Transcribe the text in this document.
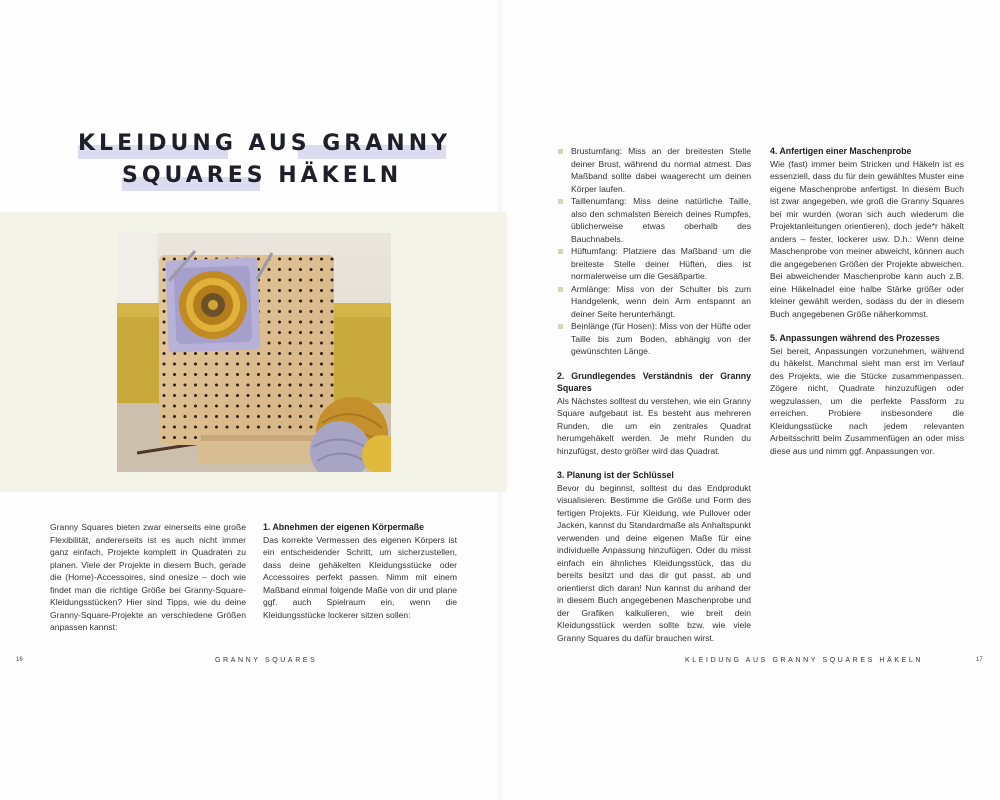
KLEIDUNG AUS GRANNY
SQUARES HÄKELN
Granny Squares bieten zwar einerseits eine große Flexibilität, andererseits ist es auch nicht immer ganz einfach, Projekte komplett in Quadraten zu planen. Viele der Projekte in diesem Buch, gerade die (Home)-Accessoires, sind onesize – doch wie findet man die richtige Größe bei Granny-Square-Kleidungsstücken? Hier sind Tipps, wie du deine Granny-Square-Projekte an verschiedene Größen anpassen kannst:

1. Abnehmen der eigenen Körpermaße

Das korrekte Vermessen des eigenen Körpers ist ein entscheidender Schritt, um sicherzustellen, dass deine gehäkelten Kleidungsstücke oder Accessoires perfekt passen. Nimm mit einem Maßband einmal folgende Maße von dir und plane ggf. auch Spielraum ein, wenn die Kleidungsstücke lockerer sitzen sollen:

16	GRANNY SQUARES
Brustumfang: Miss an der breitesten Stelle deiner Brust, während du normal atmest. Das Maßband sollte dabei waagerecht um deinen Körper laufen.
Taillenumfang: Miss deine natürliche Taille, also den schmalsten Bereich deines Rumpfes, üblicherweise etwas oberhalb des Bauchnabels.
Hüftumfang: Platziere das Maßband um die breiteste Stelle deiner Hüften, dies ist normalerweise um die Gesäßpartie.
Armlänge: Miss von der Schulter bis zum Handgelenk, wenn dein Arm entspannt an deiner Seite herunterhängt.
Beinlänge (für Hosen): Miss von der Hüfte oder Taille bis zum Boden, abhängig von der gewünschten Länge.

2. Grundlegendes Verständnis der Granny Squares

Als Nächstes solltest du verstehen, wie ein Granny Square aufgebaut ist. Es besteht aus mehreren Runden, die um ein zentrales Quadrat herumgehäkelt werden. Je mehr Runden du hinzufügst, desto größer wird das Quadrat.

3. Planung ist der Schlüssel

Bevor du beginnst, solltest du das Endprodukt visualisieren. Bestimme die Größe und Form des fertigen Projekts. Für Kleidung, wie Pullover oder Jacken, kannst du Standardmaße als Anhaltspunkt verwenden und deine eigenen Maße für eine individuelle Anpassung hinzufügen. Oder du misst einfach ein ähnliches Kleidungsstück, das du bereits besitzt und das dir gut passt, ab und orientierst dich daran! Nun kannst du anhand der in diesem Buch angegebenen Maschenprobe und der Grafiken kalkulieren, wie breit dein Kleidungsstück werden sollte bzw. wie viele Granny Squares du dafür brauchen wirst.

4. Anfertigen einer Maschenprobe

Wie (fast) immer beim Stricken und Häkeln ist es essenziell, dass du für dein gewähltes Muster eine eigene Maschenprobe anfertigst. In diesem Buch ist zwar angegeben, wie groß die Granny Squares bei mir wurden (woran sich auch wiederum die Projektanleitungen orientieren), doch jede*r häkelt anders – fester, lockerer usw. D.h.: Wenn deine Maschenprobe von meiner abweicht, können auch die angegebenen Größen der Projekte abweichen. Bei abweichender Maschenprobe kann auch z.B. eine Häkelnadel eine halbe Stärke größer oder kleiner gewählt werden, sodass du der in diesem Buch angegebenen Größe näherkommst.

5. Anpassungen während des Prozesses

Sei bereit, Anpassungen vorzunehmen, während du häkelst. Manchmal sieht man erst im Verlauf des Projekts, wie die Stücke zusammenpassen. Zögere nicht, Quadrate hinzuzufügen oder wegzulassen, um die perfekte Passform zu erreichen. Probiere insbesondere die Kleidungsstücke nach jedem relevanten Arbeitsschritt beim Zusammenfügen an oder miss diese aus und nimm ggf. Anpassungen vor.

KLEIDUNG AUS GRANNY SQUARES HÄKELN	17
